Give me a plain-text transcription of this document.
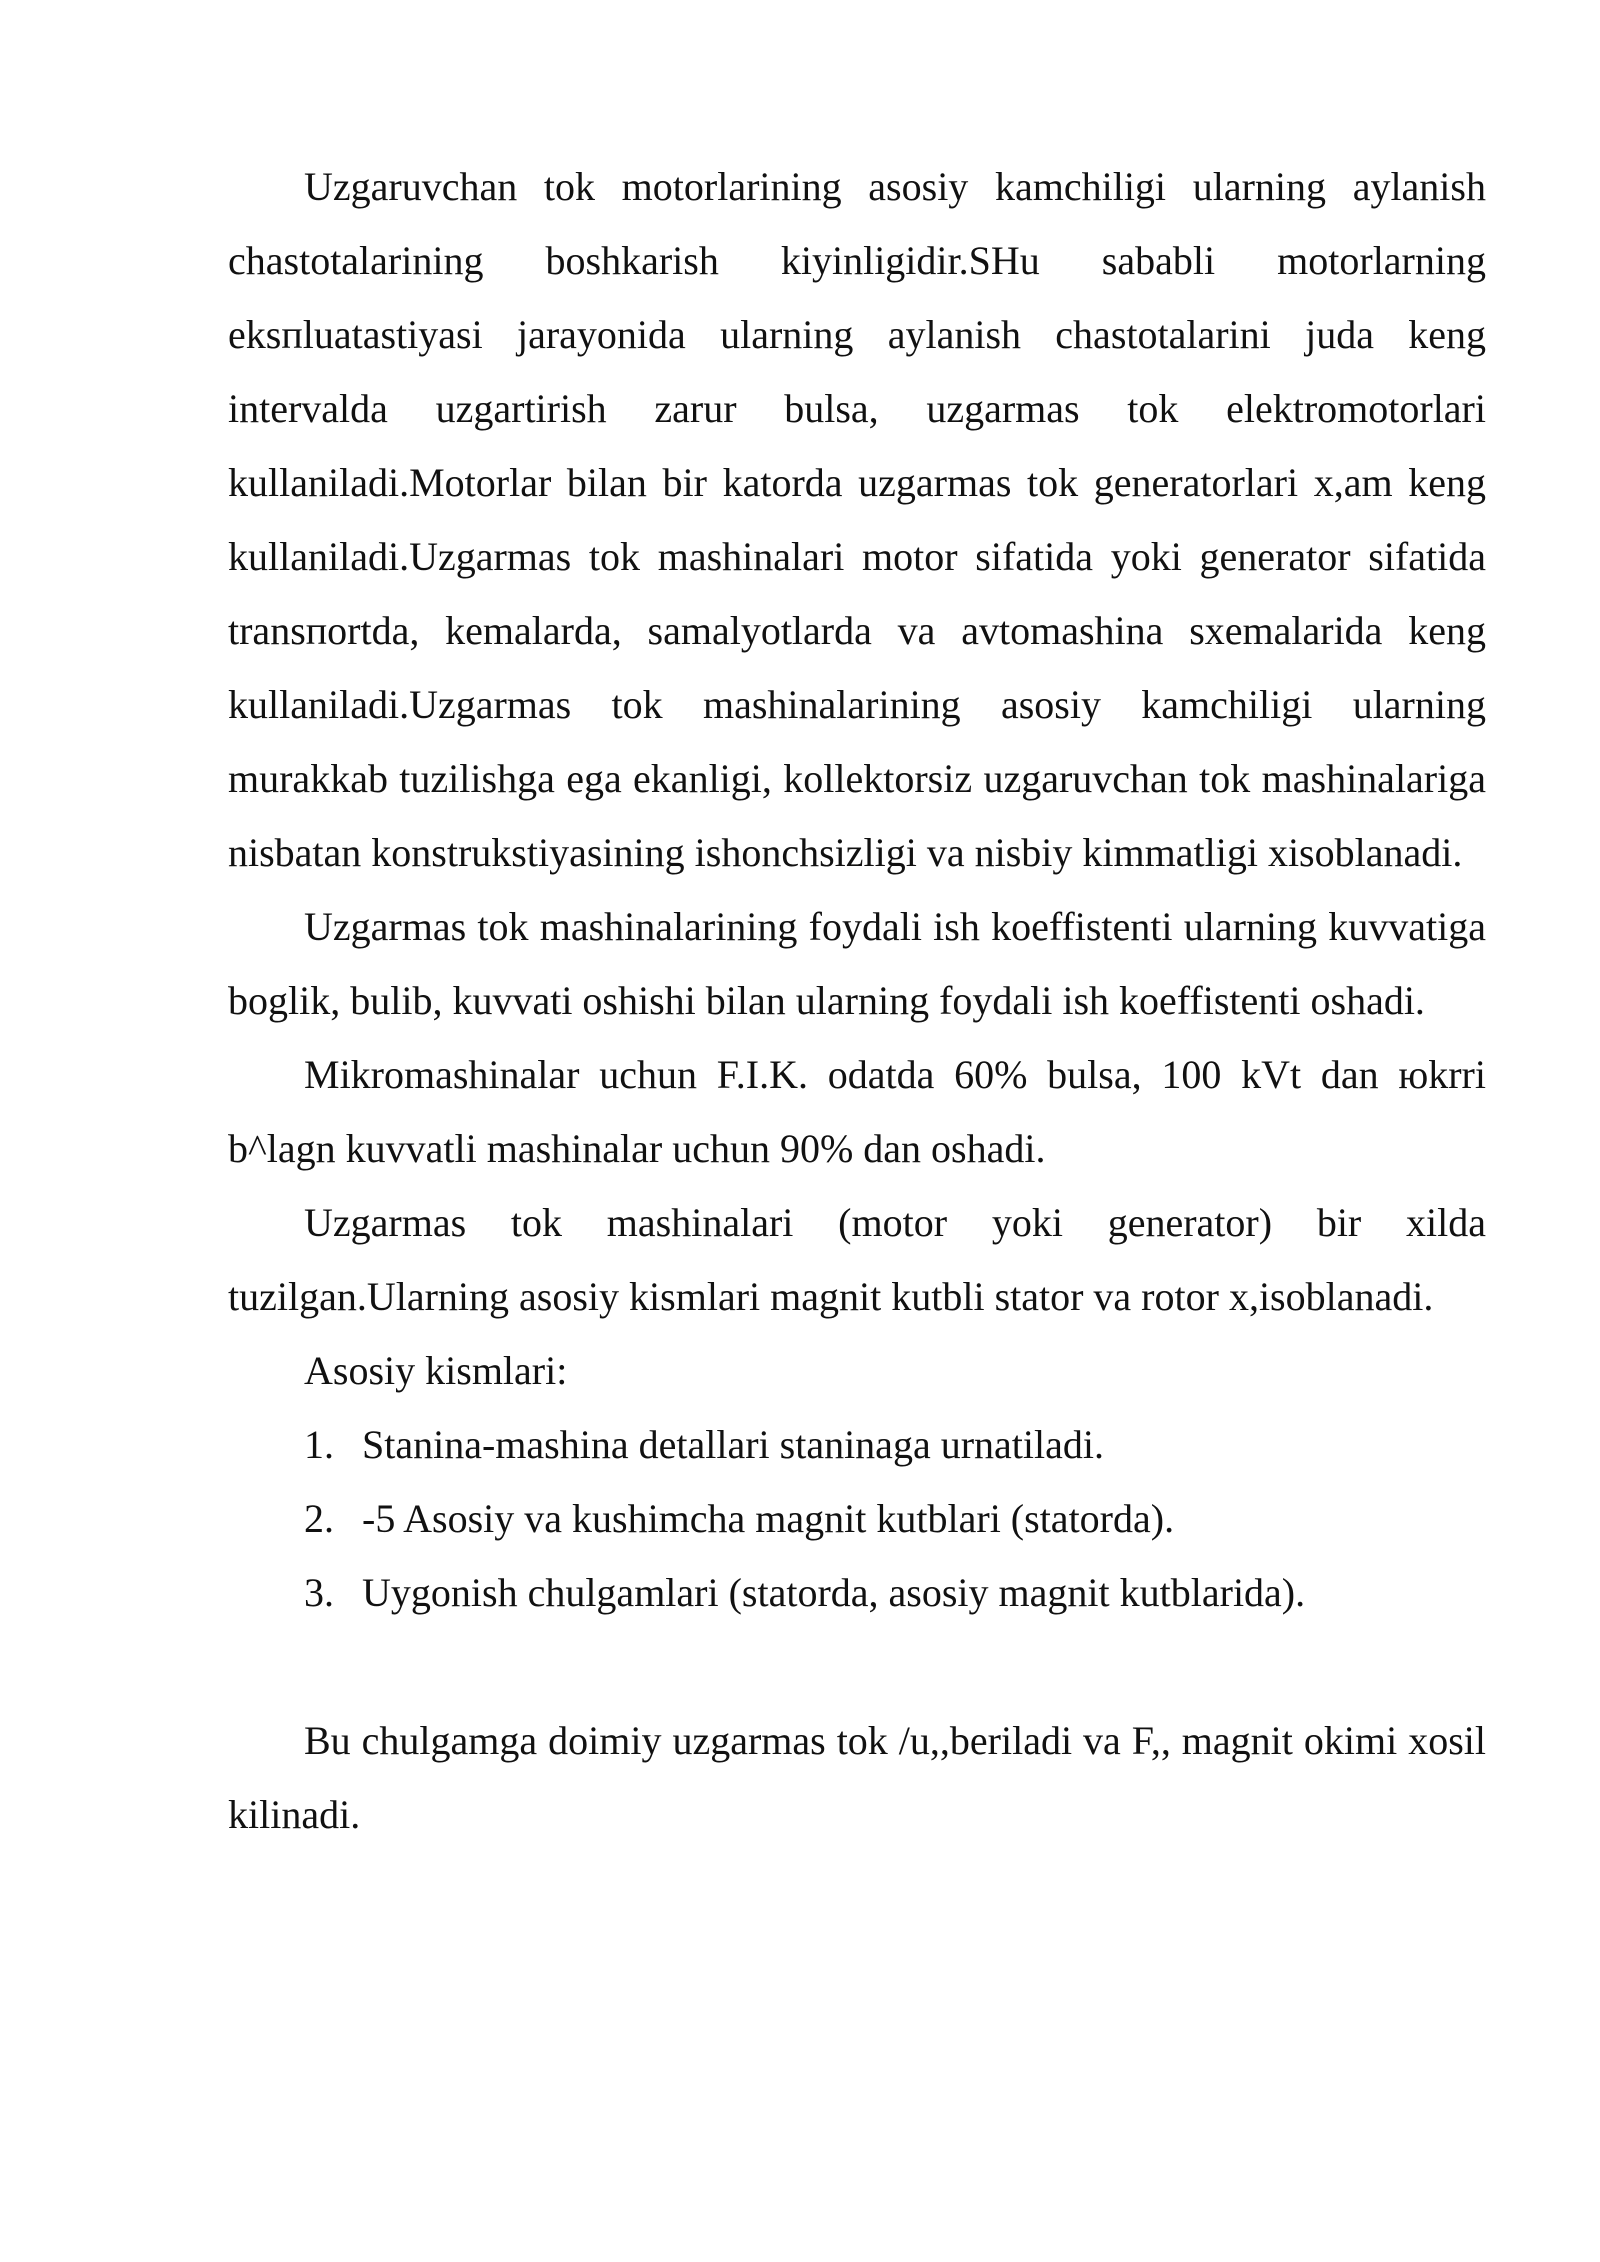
Uzgaruvchan tok motorlarining asosiy kamchiligi ularning aylanish chastotalarining boshkarish kiyinligidir.SHu sababli motorlarning eksпluatastiyasi jarayonida ularning aylanish chastotalarini juda keng intervalda uzgartirish zarur bulsa, uzgarmas tok elektromotorlari kullaniladi.Motorlar bilan bir katorda uzgarmas tok generatorlari x,am keng kullaniladi.Uzgarmas tok mashinalari motor sifatida yoki generator sifatida transпortda, kemalarda, samalyotlarda va avtomashina sxemalarida keng kullaniladi.Uzgarmas tok mashinalarining asosiy kamchiligi ularning murakkab tuzilishga ega ekanligi, kollektorsiz uzgaruvchan tok mashinalariga nisbatan konstrukstiyasining ishonchsizligi va nisbiy kimmatligi xisoblanadi.

Uzgarmas tok mashinalarining foydali ish koeffistenti ularning kuvvatiga boglik, bulib, kuvvati oshishi bilan ularning foydali ish koeffistenti oshadi.

Mikromashinalar uchun F.I.K. odatda 60% bulsa, 100 kVt dan юkrri b^lagn kuvvatli mashinalar uchun 90% dan oshadi.

Uzgarmas tok mashinalari (motor yoki generator) bir xilda tuzilgan.Ularning asosiy kismlari magnit kutbli stator va rotor x,isoblanadi.

Asosiy kismlari:

1. Stanina-mashina detallari staninaga urnatiladi.
2. -5 Asosiy va kushimcha magnit kutblari (statorda).
3. Uygonish chulgamlari (statorda, asosiy magnit kutblarida).

Bu chulgamga doimiy uzgarmas tok /u,,beriladi va F,, magnit okimi xosil kilinadi.
